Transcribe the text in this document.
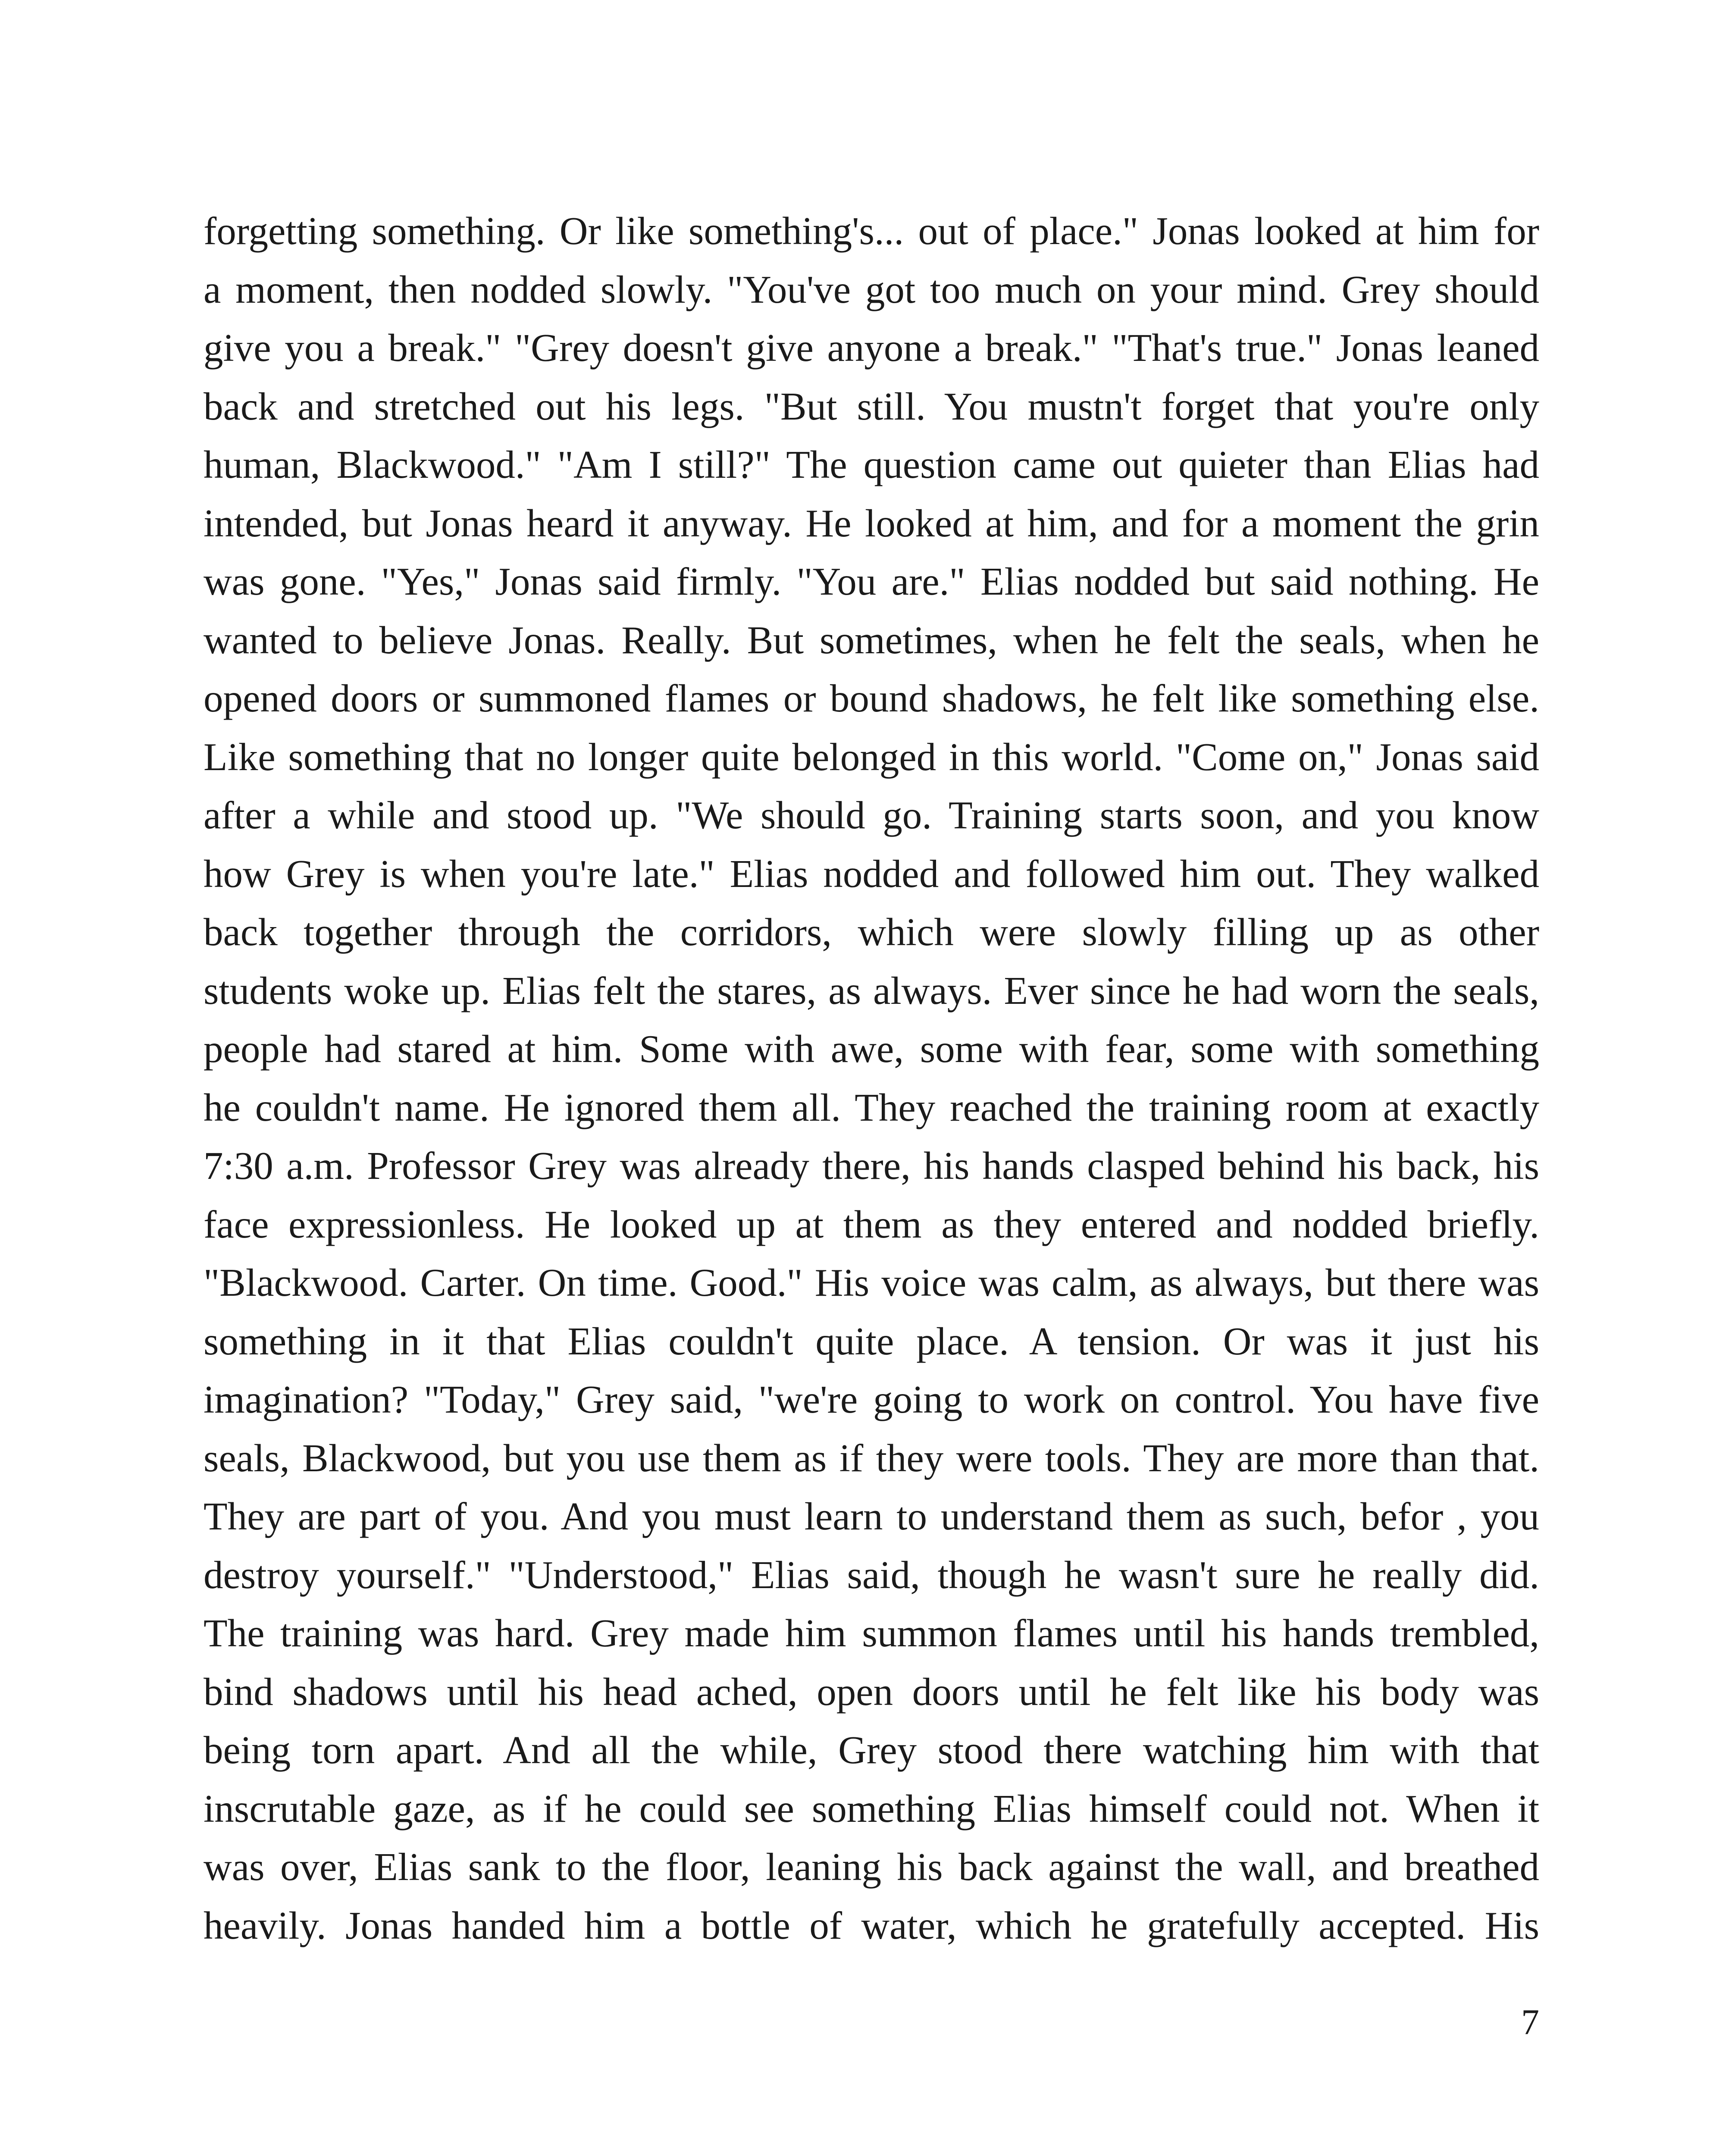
forgetting something. Or like something's... out of place." Jonas looked at him for
a moment, then nodded slowly. "You've got too much on your mind. Grey should
give you a break." "Grey doesn't give anyone a break." "That's true." Jonas leaned
back and stretched out his legs. "But still. You mustn't forget that you're only
human, Blackwood." "Am I still?" The question came out quieter than Elias had
intended, but Jonas heard it anyway. He looked at him, and for a moment the grin
was gone. "Yes," Jonas said firmly. "You are." Elias nodded but said nothing. He
wanted to believe Jonas. Really. But sometimes, when he felt the seals, when he
opened doors or summoned flames or bound shadows, he felt like something else.
Like something that no longer quite belonged in this world. "Come on," Jonas said
after a while and stood up. "We should go. Training starts soon, and you know
how Grey is when you're late." Elias nodded and followed him out. They walked
back together through the corridors, which were slowly filling up as other
students woke up. Elias felt the stares, as always. Ever since he had worn the seals,
people had stared at him. Some with awe, some with fear, some with something
he couldn't name. He ignored them all. They reached the training room at exactly
7:30 a.m. Professor Grey was already there, his hands clasped behind his back, his
face expressionless. He looked up at them as they entered and nodded briefly.
"Blackwood. Carter. On time. Good." His voice was calm, as always, but there was
something in it that Elias couldn't quite place. A tension. Or was it just his
imagination? "Today," Grey said, "we're going to work on control. You have five
seals, Blackwood, but you use them as if they were tools. They are more than that.
They are part of you. And you must learn to understand them as such, befor , you
destroy yourself." "Understood," Elias said, though he wasn't sure he really did.
The training was hard. Grey made him summon flames until his hands trembled,
bind shadows until his head ached, open doors until he felt like his body was
being torn apart. And all the while, Grey stood there watching him with that
inscrutable gaze, as if he could see something Elias himself could not. When it
was over, Elias sank to the floor, leaning his back against the wall, and breathed
heavily. Jonas handed him a bottle of water, which he gratefully accepted. His
7
